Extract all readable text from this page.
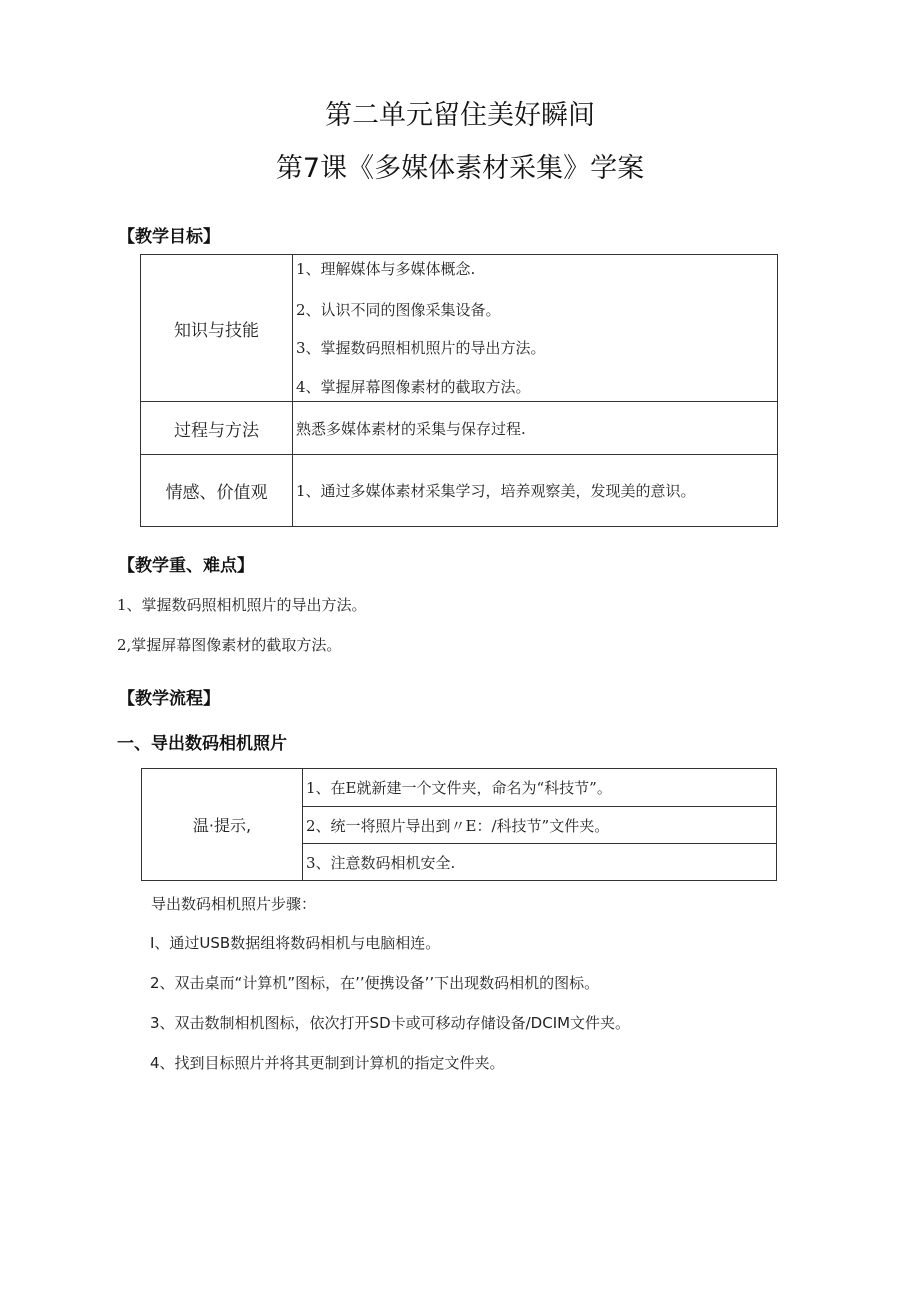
第二单元留住美好瞬间
第7课《多媒体素材采集》学案
【教学目标】
知识与技能	1、理解媒体与多媒体概念.
2、认识不同的图像采集设备。
3、掌握数码照相机照片的导出方法。
4、掌握屏幕图像素材的截取方法。

过程与方法	熟悉多媒体素材的采集与保存过程.

情感、价值观	1、通过多媒体素材采集学习，培养观察美，发现美的意识。
【教学重、难点】
1、掌握数码照相机照片的导出方法。
2,掌握屏幕图像素材的截取方法。
【教学流程】
一、导出数码相机照片
温·提示,	
1、在E就新建一个文件夹，命名为“科技节”。

2、统一将照片导出到〃E：/科技节”文件夹。

3、注意数码相机安全.
导出数码相机照片步骤：
I、通过USB数据组将数码相机与电脑相连。
2、双击桌而“计算机”图标，在’’便携设备’’下出现数码相机的图标。
3、双击数制相机图标，依次打开SD卡或可移动存储设备/DCIM文件夹。
4、找到目标照片并将其更制到计算机的指定文件夹。
